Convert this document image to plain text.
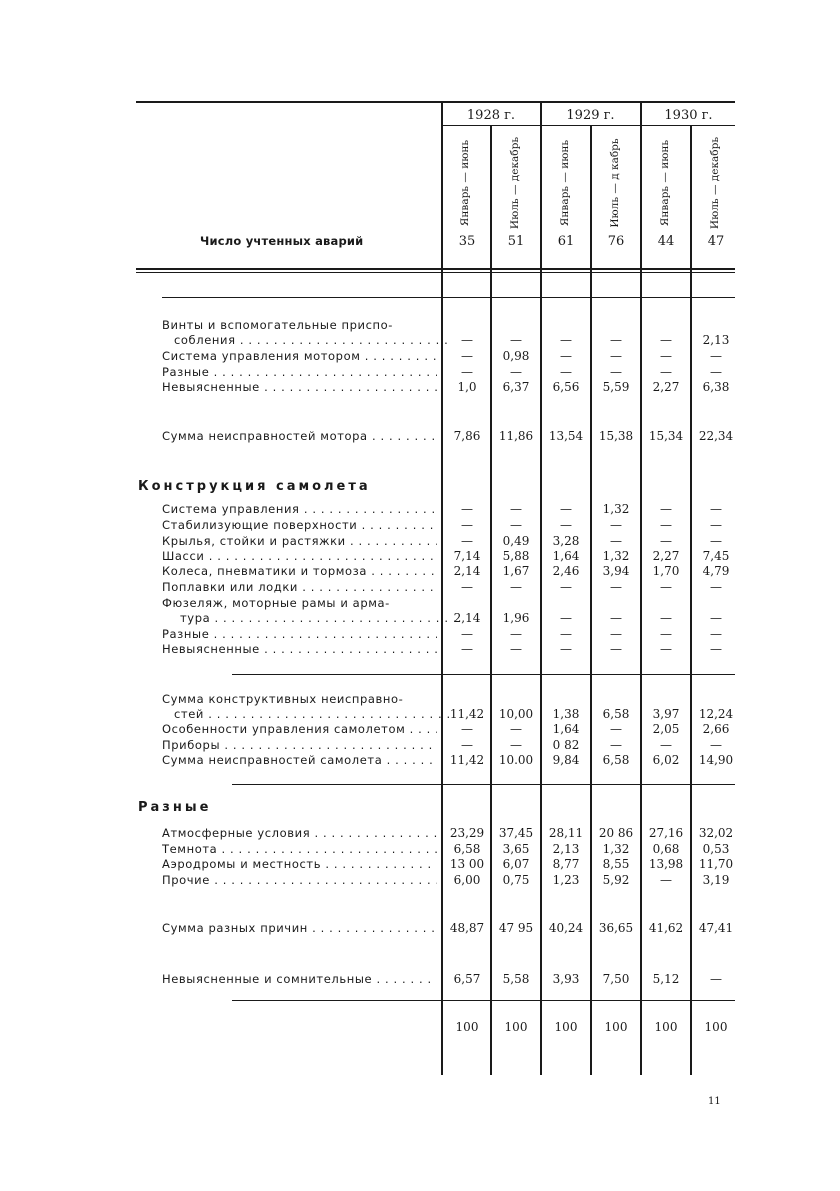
1928 г.	1929 г.	1930 г.
Январь — июнь	Июль — декабрь	Январь — июнь	Июль — д кабрь	Январь — июнь	Июль — декабрь
Число учтенных аварий	35	51	61	76	44	47
Конструкция самолета
Разные
11
Винты и вспомогательные приспо-
собления . . .	—	—	—	—	—	2,13
Система управления мотором . . .	—	0,98	—	—	—	—
Разные . . .	—	—	—	—	—	—
Невыясненные . . .	1,0	6,37	6,56	5,59	2,27	6,38
Сумма неисправностей мотора . . .	7,86	11,86	13,54	15,38	15,34	22,34
Система управления . . .	—	—	—	1,32	—	—
Стабилизующие поверхности . . .	—	—	—	—	—	—
Крылья, стойки и растяжки . . .	—	0,49	3,28	—	—	—
Шасси . . .	7,14	5,88	1,64	1,32	2,27	7,45
Колеса, пневматики и тормоза . . .	2,14	1,67	2,46	3,94	1,70	4,79
Поплавки или лодки . . .	—	—	—	—	—	—
Фюзеляж, моторные рамы и арма-
тура . . .	2,14	1,96	—	—	—	—
Разные . . .	—	—	—	—	—	—
Невыясненные . . .	—	—	—	—	—	—
Сумма конструктивных неисправно-
стей . . .	11,42	10,00	1,38	6,58	3,97	12,24
Особенности управления самолетом . . .	—	—	1,64	—	2,05	2,66
Приборы . . .	—	—	0 82	—	—	—
Сумма неисправностей самолета . . .	11,42	10.00	9,84	6,58	6,02	14,90
Атмосферные условия . . .	23,29	37,45	28,11	20 86	27,16	32,02
Темнота . . .	6,58	3,65	2,13	1,32	0,68	0,53
Аэродромы и местность . . .	13 00	6,07	8,77	8,55	13,98	11,70
Прочие . . .	6,00	0,75	1,23	5,92	—	3,19
Сумма разных причин . . .	48,87	47 95	40,24	36,65	41,62	47,41
Невыясненные и сомнительные . . .	6,57	5,58	3,93	7,50	5,12	—
100	100	100	100	100	100
